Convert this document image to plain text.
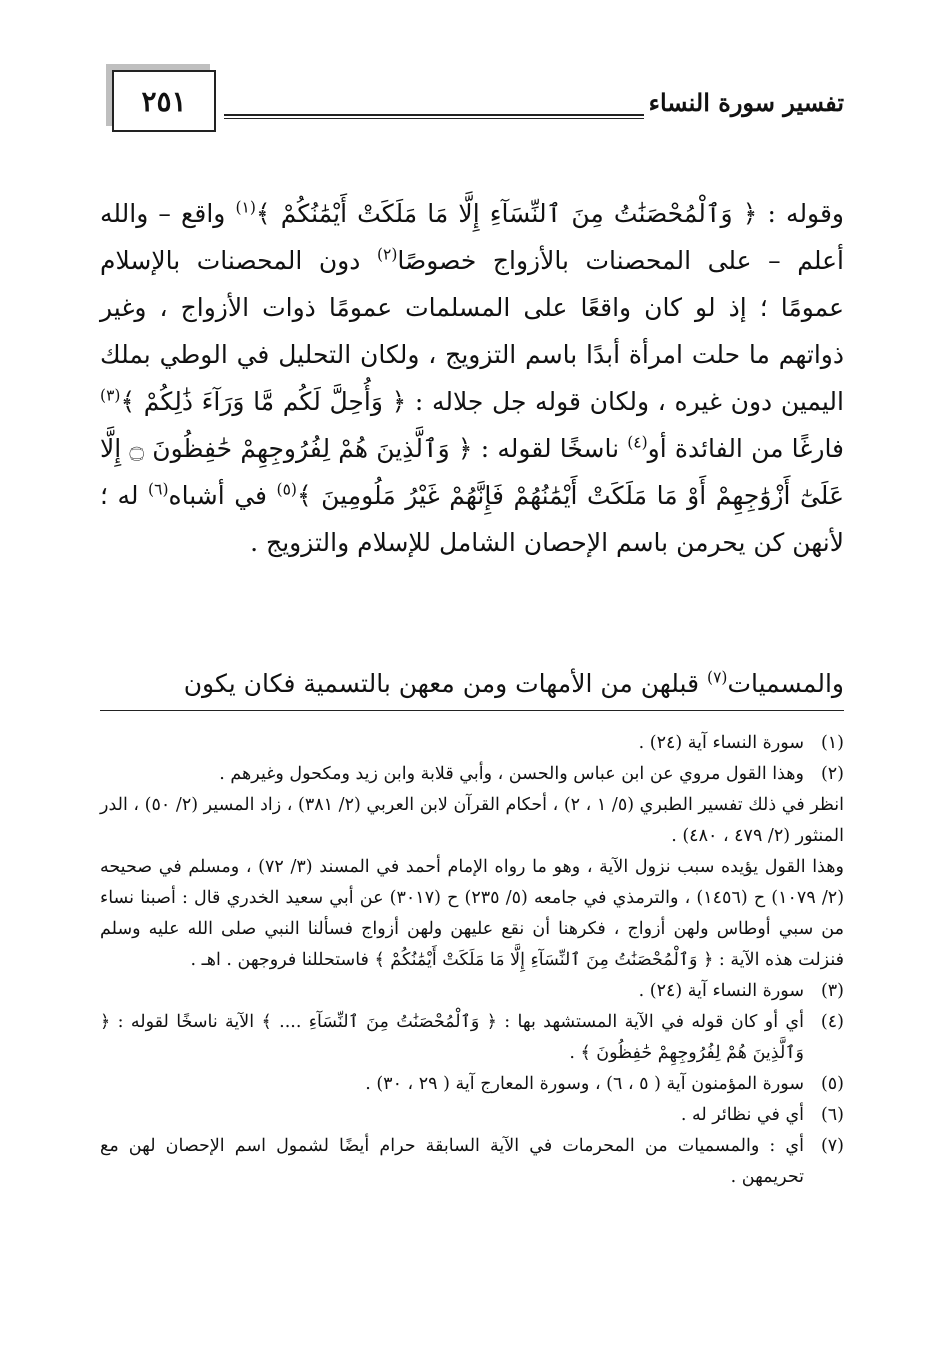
٢٥١	تفسير سورة النساء

وقوله : ﴿ وَٱلْمُحْصَنَٰتُ مِنَ ٱلنِّسَآءِ إِلَّا مَا مَلَكَتْ أَيْمَٰنُكُمْ ﴾$^{(١)}$ واقع – والله أعلم – على المحصنات بالأزواج خصوصًا$^{(٢)}$ دون المحصنات بالإسلام عمومًا ؛ إذ لو كان واقعًا على المسلمات عمومًا ذوات الأزواج ، وغير ذواتهم ما حلت امرأة أبدًا باسم التزويج ، ولكان التحليل في الوطي بملك اليمين دون غيره ، ولكان قوله جل جلاله : ﴿ وَأُحِلَّ لَكُم مَّا وَرَآءَ ذَٰلِكُمْ ﴾$^{(٣)}$ فارغًا من الفائدة أو$^{(٤)}$ ناسخًا لقوله : ﴿ وَٱلَّذِينَ هُمْ لِفُرُوجِهِمْ حَٰفِظُونَ ۝ إِلَّا عَلَىٰٓ أَزْوَٰجِهِمْ أَوْ مَا مَلَكَتْ أَيْمَٰنُهُمْ فَإِنَّهُمْ غَيْرُ مَلُومِينَ ﴾$^{(٥)}$ في أشباه$^{(٦)}$ له ؛ لأنهن كن يحرمن باسم الإحصان الشامل للإسلام والتزويج .

والمسميات$^{(٧)}$ قبلهن من الأمهات ومن معهن بالتسمية فكان يكون

(١)سورة النساء آية (٢٤) .

(٢)وهذا القول مروي عن ابن عباس والحسن ، وأبي قلابة وابن زيد ومكحول وغيرهم .

انظر في ذلك تفسير الطبري (٥/ ١ ، ٢) ، أحكام القرآن لابن العربي (٢/ ٣٨١) ، زاد المسير (٢/ ٥٠) ، الدر المنثور (٢/ ٤٧٩ ، ٤٨٠) .

وهذا القول يؤيده سبب نزول الآية ، وهو ما رواه الإمام أحمد في المسند (٣/ ٧٢) ، ومسلم في صحيحه (٢/ ١٠٧٩) ح (١٤٥٦) ، والترمذي في جامعه (٥/ ٢٣٥) ح (٣٠١٧) عن أبي سعيد الخدري قال : أصبنا نساء من سبي أوطاس ولهن أزواج ، فكرهنا أن نقع عليهن ولهن أزواج فسألنا النبي صلى الله عليه وسلم فنزلت هذه الآية : ﴿ وَٱلْمُحْصَنَٰتُ مِنَ ٱلنِّسَآءِ إِلَّا مَا مَلَكَتْ أَيْمَٰنُكُمْ ﴾ فاستحللنا فروجهن . اهـ .

(٣)سورة النساء آية (٢٤) .

(٤)أي أو كان قوله في الآية المستشهد بها : ﴿ وَٱلْمُحْصَنَٰتُ مِنَ ٱلنِّسَآءِ .... ﴾ الآية ناسخًا لقوله : ﴿ وَٱلَّذِينَ هُمْ لِفُرُوجِهِمْ حَٰفِظُونَ ﴾ .

(٥)سورة المؤمنون آية ( ٥ ، ٦) ، وسورة المعارج آية ( ٢٩ ، ٣٠) .

(٦)أي في نظائر له .

(٧)أي : والمسميات من المحرمات في الآية السابقة حرام أيضًا لشمول اسم الإحصان لهن مع تحريمهن .
